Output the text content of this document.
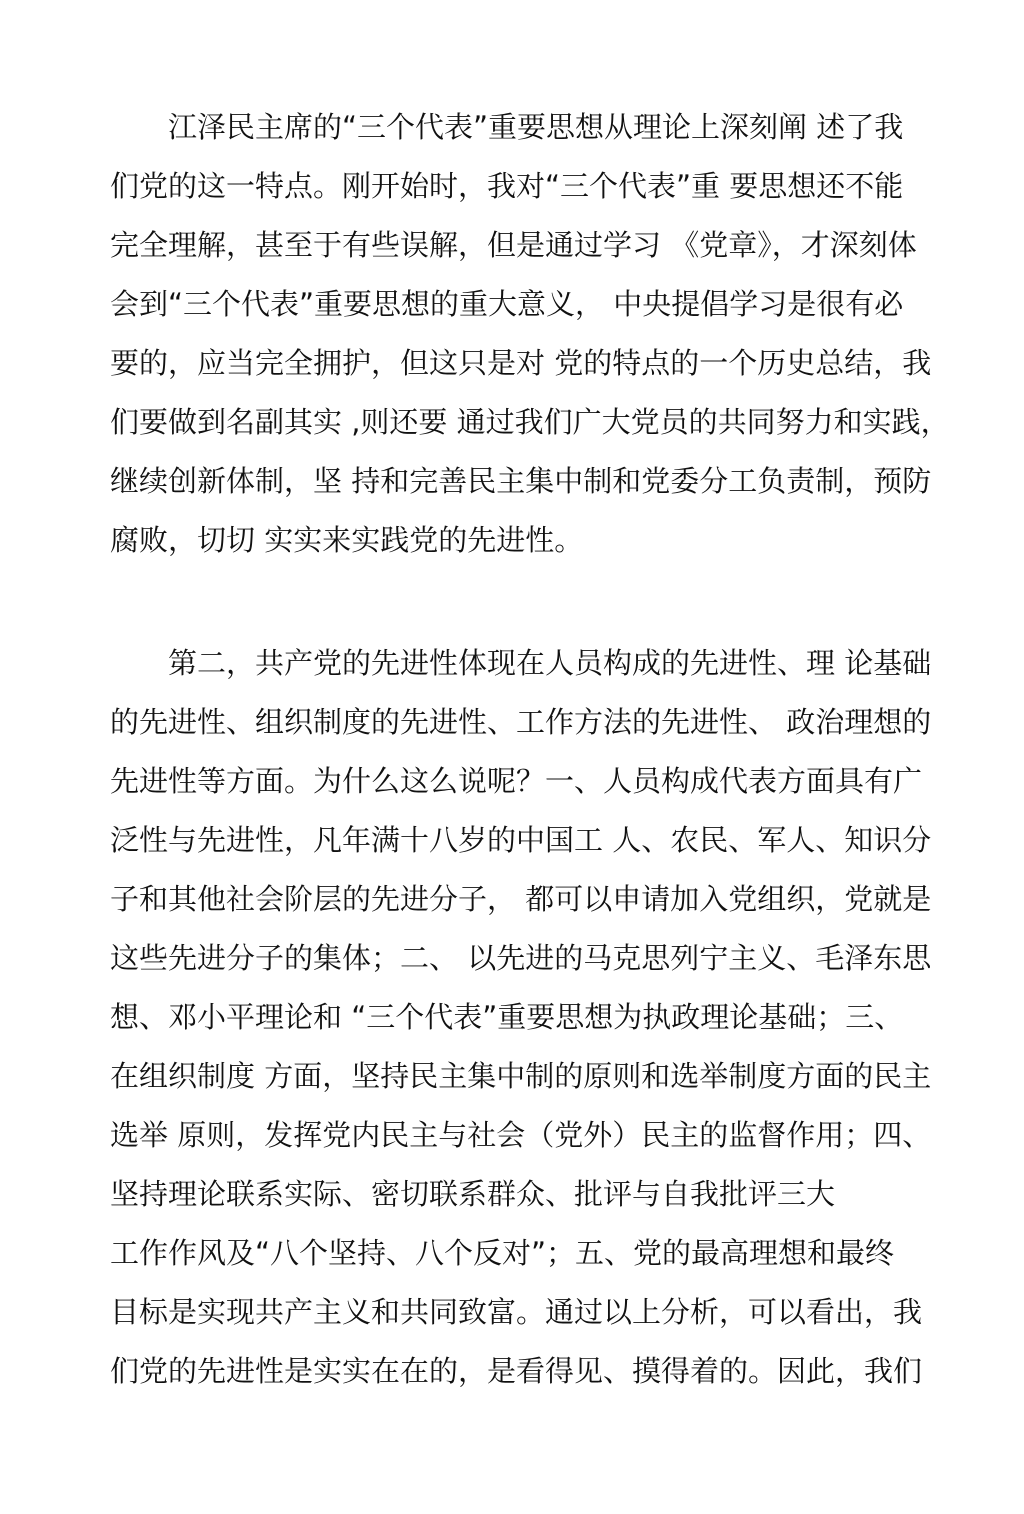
　　江泽民主席的“三个代表”重要思想从理论上深刻阐 述了我
们党的这一特点。刚开始时，我对“三个代表”重 要思想还不能
完全理解，甚至于有些误解，但是通过学习 《党章》，才深刻体
会到“三个代表”重要思想的重大意义， 中央提倡学习是很有必
要的，应当完全拥护，但这只是对 党的特点的一个历史总结，我
们要做到名副其实 ,则还要 通过我们广大党员的共同努力和实践，
继续创新体制，坚 持和完善民主集中制和党委分工负责制，预防
腐败，切切 实实来实践党的先进性。
　　第二，共产党的先进性体现在人员构成的先进性、理 论基础
的先进性、组织制度的先进性、工作方法的先进性、 政治理想的
先进性等方面。为什么这么说呢？一、人员构成代表方面具有广
泛性与先进性，凡年满十八岁的中国工 人、农民、军人、知识分
子和其他社会阶层的先进分子， 都可以申请加入党组织，党就是
这些先进分子的集体；二、 以先进的马克思列宁主义、毛泽东思
想、邓小平理论和 “三个代表”重要思想为执政理论基础；三、
在组织制度 方面，坚持民主集中制的原则和选举制度方面的民主
选举 原则，发挥党内民主与社会（党外）民主的监督作用；四、
坚持理论联系实际、密切联系群众、批评与自我批评三大
工作作风及“八个坚持、八个反对”；五、党的最高理想和最终
目标是实现共产主义和共同致富。通过以上分析，可以看出，我
们党的先进性是实实在在的，是看得见、摸得着的。因此，我们
